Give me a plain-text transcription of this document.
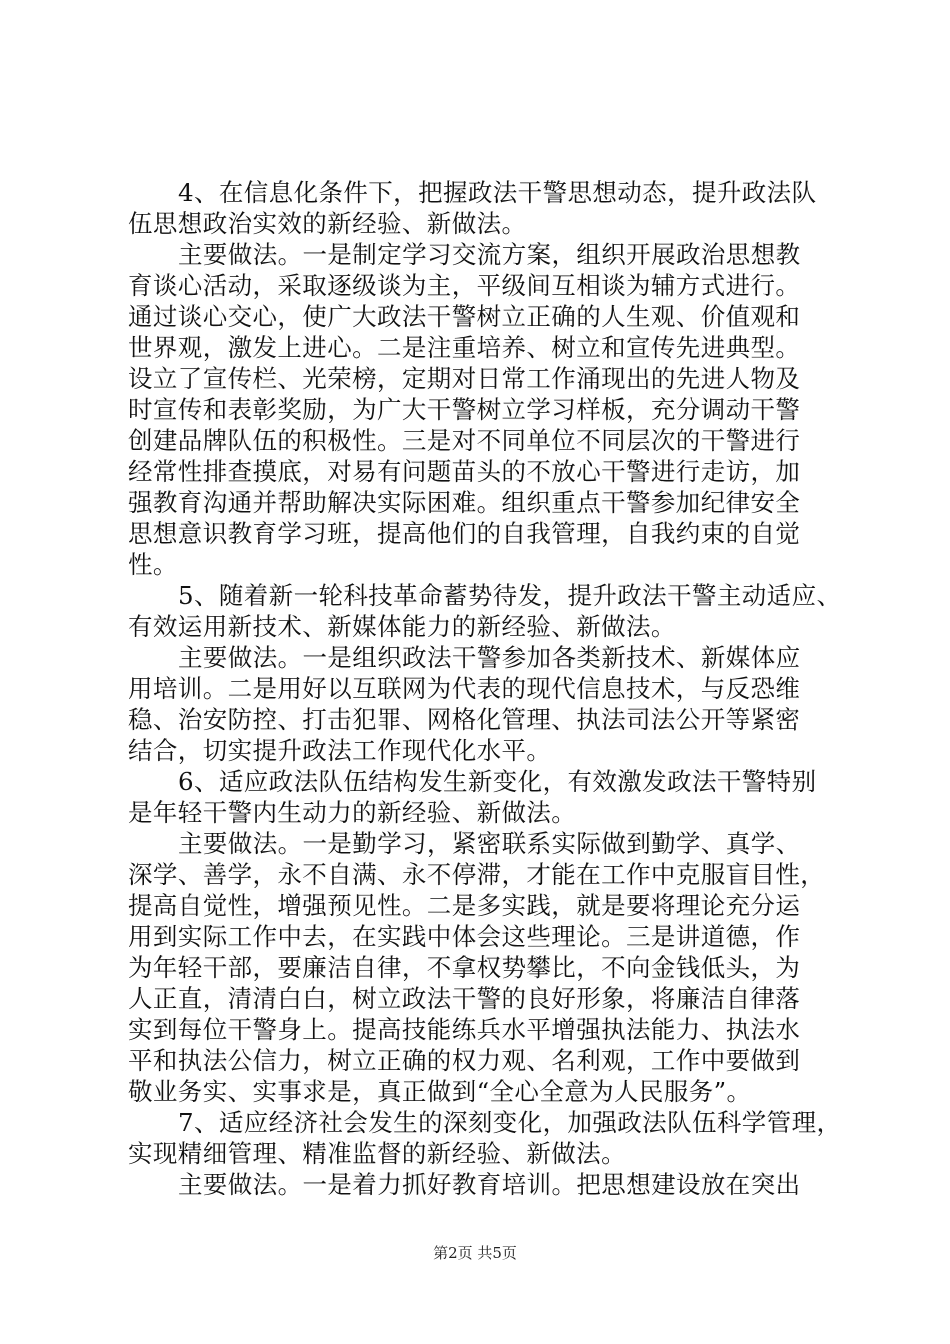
4、在信息化条件下，把握政法干警思想动态，提升政法队
伍思想政治实效的新经验、新做法。
主要做法。一是制定学习交流方案，组织开展政治思想教
育谈心活动，采取逐级谈为主，平级间互相谈为辅方式进行。
通过谈心交心，使广大政法干警树立正确的人生观、价值观和
世界观，激发上进心。二是注重培养、树立和宣传先进典型。
设立了宣传栏、光荣榜，定期对日常工作涌现出的先进人物及
时宣传和表彰奖励，为广大干警树立学习样板，充分调动干警
创建品牌队伍的积极性。三是对不同单位不同层次的干警进行
经常性排查摸底，对易有问题苗头的不放心干警进行走访，加
强教育沟通并帮助解决实际困难。组织重点干警参加纪律安全
思想意识教育学习班，提高他们的自我管理，自我约束的自觉
性。
5、随着新一轮科技革命蓄势待发，提升政法干警主动适应、
有效运用新技术、新媒体能力的新经验、新做法。
主要做法。一是组织政法干警参加各类新技术、新媒体应
用培训。二是用好以互联网为代表的现代信息技术，与反恐维
稳、治安防控、打击犯罪、网格化管理、执法司法公开等紧密
结合，切实提升政法工作现代化水平。
6、适应政法队伍结构发生新变化，有效激发政法干警特别
是年轻干警内生动力的新经验、新做法。
主要做法。一是勤学习，紧密联系实际做到勤学、真学、
深学、善学，永不自满、永不停滞，才能在工作中克服盲目性，
提高自觉性，增强预见性。二是多实践，就是要将理论充分运
用到实际工作中去，在实践中体会这些理论。三是讲道德，作
为年轻干部，要廉洁自律，不拿权势攀比，不向金钱低头，为
人正直，清清白白，树立政法干警的良好形象，将廉洁自律落
实到每位干警身上。提高技能练兵水平增强执法能力、执法水
平和执法公信力，树立正确的权力观、名利观，工作中要做到
敬业务实、实事求是，真正做到“全心全意为人民服务”。
7、适应经济社会发生的深刻变化，加强政法队伍科学管理，
实现精细管理、精准监督的新经验、新做法。
主要做法。一是着力抓好教育培训。把思想建设放在突出
第2页 共5页
